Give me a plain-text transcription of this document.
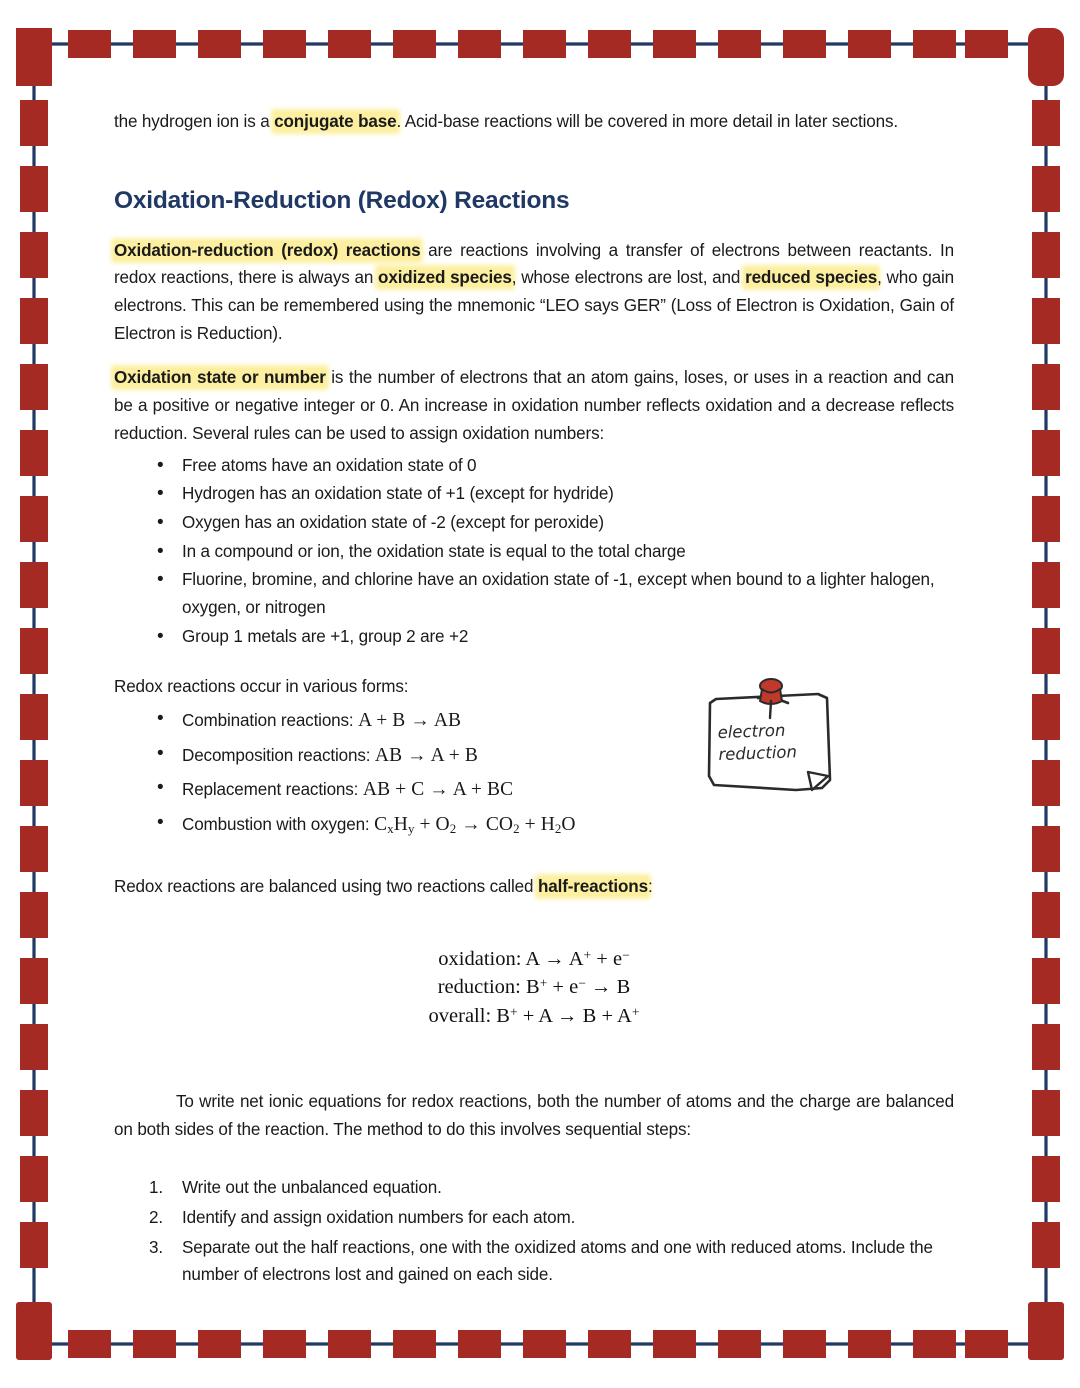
the hydrogen ion is a conjugate base. Acid-base reactions will be covered in more detail in later sections.

Oxidation-Reduction (Redox) Reactions

Oxidation-reduction (redox) reactions are reactions involving a transfer of electrons between reactants. In redox reactions, there is always an oxidized species, whose electrons are lost, and reduced species, who gain electrons. This can be remembered using the mnemonic “LEO says GER” (Loss of Electron is Oxidation, Gain of Electron is Reduction).

Oxidation state or number is the number of electrons that an atom gains, loses, or uses in a reaction and can be a positive or negative integer or 0. An increase in oxidation number reflects oxidation and a decrease reflects reduction. Several rules can be used to assign oxidation numbers:

• Free atoms have an oxidation state of 0
• Hydrogen has an oxidation state of +1 (except for hydride)
• Oxygen has an oxidation state of -2 (except for peroxide)
• In a compound or ion, the oxidation state is equal to the total charge
• Fluorine, bromine, and chlorine have an oxidation state of -1, except when bound to a lighter halogen, oxygen, or nitrogen
• Group 1 metals are +1, group 2 are +2

Redox reactions occur in various forms:

• Combination reactions: A + B → AB
• Decomposition reactions: AB → A + B
• Replacement reactions: AB + C → A + BC
• Combustion with oxygen: $C_xH_y + O_2 \to CO_2 + H_2O$

Redox reactions are balanced using two reactions called half-reactions:

oxidation: A → A+ + e−
reduction: B+ + e− → B
overall: B+ + A → B + A+

To write net ionic equations for redox reactions, both the number of atoms and the charge are balanced on both sides of the reaction. The method to do this involves sequential steps:

Write out the unbalanced equation.
Identify and assign oxidation numbers for each atom.
Separate out the half reactions, one with the oxidized atoms and one with reduced atoms. Include the number of electrons lost and gained on each side.
electron
reduction
